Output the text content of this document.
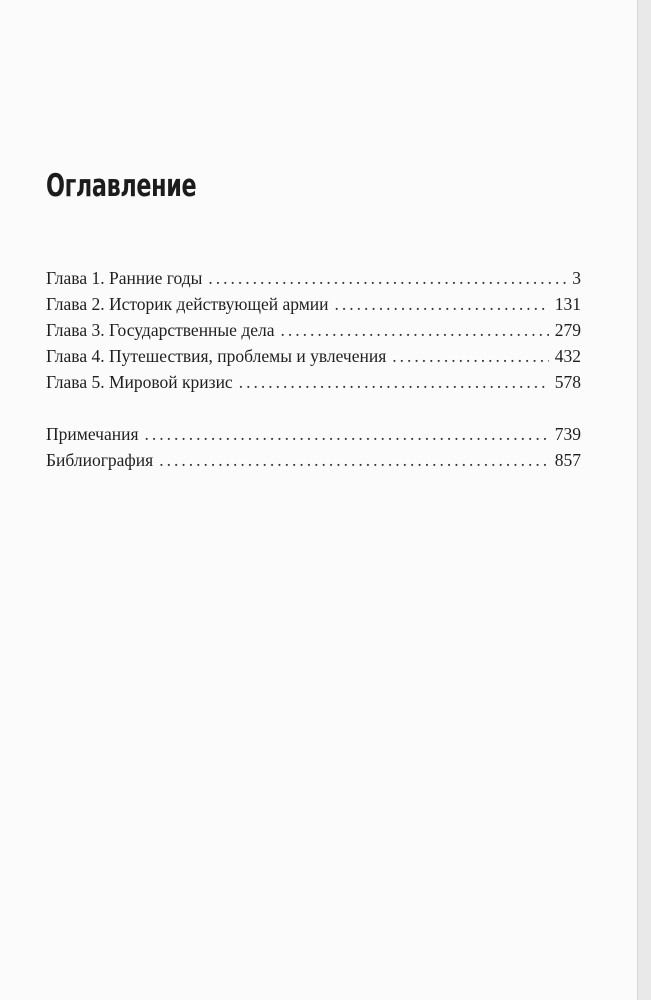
Оглавление
Глава 1. Ранние годы .....	3
Глава 2. Историк действующей армии .....	131
Глава 3. Государственные дела .....	279
Глава 4. Путешествия, проблемы и увлечения .....	432
Глава 5. Мировой кризис .....	578
Примечания .....	739
Библиография .....	857
